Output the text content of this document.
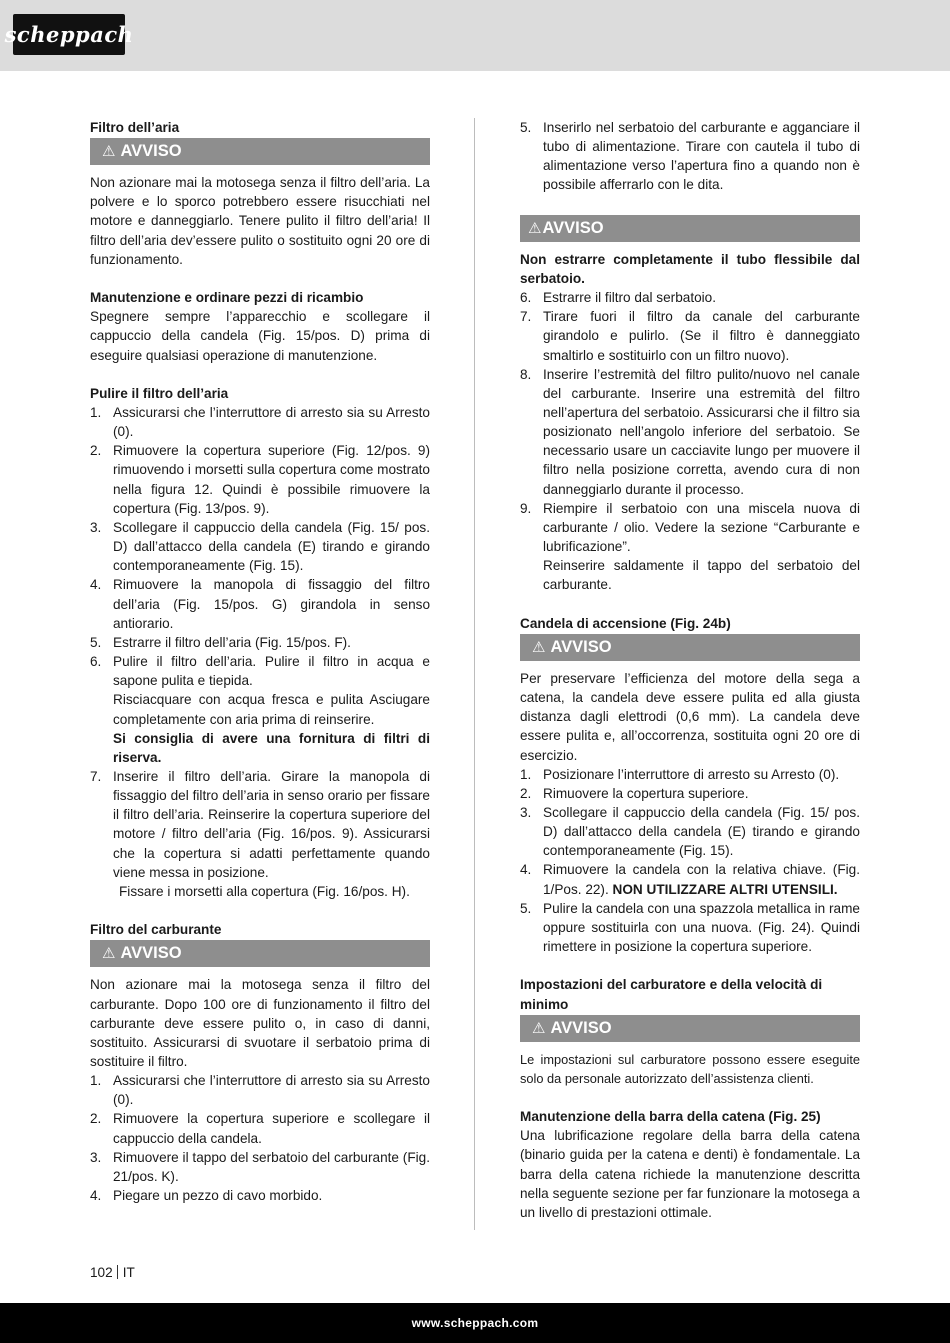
scheppach
Filtro dell’aria
⚠ AVVISO

Non azionare mai la motosega senza il filtro dell’aria. La polvere e lo sporco potrebbero essere risucchiati nel motore e danneggiarlo. Tenere pulito il filtro dell’aria! Il filtro dell’aria dev’essere pulito o sostituito ogni 20 ore di funzionamento.

Manutenzione e ordinare pezzi di ricambio

Spegnere sempre l’apparecchio e scollegare il cappuccio della candela (Fig. 15/pos. D) prima di eseguire qualsiasi operazione di manutenzione.

Pulire il filtro dell’aria
1. Assicurarsi che l’interruttore di arresto sia su Arresto (0).
2. Rimuovere la copertura superiore (Fig. 12/pos. 9) rimuovendo i morsetti sulla copertura come mostrato nella figura 12. Quindi è possibile rimuovere la copertura (Fig. 13/pos. 9).
3. Scollegare il cappuccio della candela (Fig. 15/ pos. D) dall’attacco della candela (E) tirando e girando contemporaneamente (Fig. 15).
4. Rimuovere la manopola di fissaggio del filtro dell’aria (Fig. 15/pos. G) girandola in senso antiorario.
5. Estrarre il filtro dell’aria (Fig. 15/pos. F).
6. Pulire il filtro dell’aria. Pulire il filtro in acqua e sapone pulita e tiepida.
Risciacquare con acqua fresca e pulita Asciugare completamente con aria prima di reinserire.
Si consiglia di avere una fornitura di filtri di riserva.
7. Inserire il filtro dell’aria. Girare la manopola di fissaggio del filtro dell’aria in senso orario per fissare il filtro dell’aria. Reinserire la copertura superiore del motore / filtro dell’aria (Fig. 16/pos. 9). Assicurarsi che la copertura si adatti perfettamente quando viene messa in posizione.
Fissare i morsetti alla copertura (Fig. 16/pos. H).
Filtro del carburante
⚠ AVVISO

Non azionare mai la motosega senza il filtro del carburante. Dopo 100 ore di funzionamento il filtro del carburante deve essere pulito o, in caso di danni, sostituito. Assicurarsi di svuotare il serbatoio prima di sostituire il filtro.

1. Assicurarsi che l’interruttore di arresto sia su Arresto (0).
2. Rimuovere la copertura superiore e scollegare il cappuccio della candela.
3. Rimuovere il tappo del serbatoio del carburante (Fig. 21/pos. K).
4. Piegare un pezzo di cavo morbido.
5. Inserirlo nel serbatoio del carburante e agganciare il tubo di alimentazione. Tirare con cautela il tubo di alimentazione verso l’apertura fino a quando non è possibile afferrarlo con le dita.
⚠ AVVISO

Non estrarre completamente il tubo flessibile dal serbatoio.

6. Estrarre il filtro dal serbatoio.
7. Tirare fuori il filtro da canale del carburante girandolo e pulirlo. (Se il filtro è danneggiato smaltirlo e sostituirlo con un filtro nuovo).
8. Inserire l’estremità del filtro pulito/nuovo nel canale del carburante. Inserire una estremità del filtro nell’apertura del serbatoio. Assicurarsi che il filtro sia posizionato nell’angolo inferiore del serbatoio. Se necessario usare un cacciavite lungo per muovere il filtro nella posizione corretta, avendo cura di non danneggiarlo durante il processo.
9. Riempire il serbatoio con una miscela nuova di carburante / olio. Vedere la sezione “Carburante e lubrificazione”.
Reinserire saldamente il tappo del serbatoio del carburante.
Candela di accensione (Fig. 24b)
⚠ AVVISO

Per preservare l’efficienza del motore della sega a catena, la candela deve essere pulita ed alla giusta distanza dagli elettrodi (0,6 mm). La candela deve essere pulita e, all’occorrenza, sostituita ogni 20 ore di esercizio.

1. Posizionare l’interruttore di arresto su Arresto (0).
2. Rimuovere la copertura superiore.
3. Scollegare il cappuccio della candela (Fig. 15/ pos. D) dall’attacco della candela (E) tirando e girando contemporaneamente (Fig. 15).
4. Rimuovere la candela con la relativa chiave. (Fig. 1/Pos. 22). NON UTILIZZARE ALTRI UTENSILI.
5. Pulire la candela con una spazzola metallica in rame oppure sostituirla con una nuova. (Fig. 24). Quindi rimettere in posizione la copertura superiore.
Impostazioni del carburatore e della velocità di minimo
⚠ AVVISO

Le impostazioni sul carburatore possono essere eseguite solo da personale autorizzato dell’assistenza clienti.

Manutenzione della barra della catena (Fig. 25)

Una lubrificazione regolare della barra della catena (binario guida per la catena e denti) è fondamentale. La barra della catena richiede la manutenzione descritta nella seguente sezione per far funzionare la motosega a un livello di prestazioni ottimale.

102 IT
www.scheppach.com
